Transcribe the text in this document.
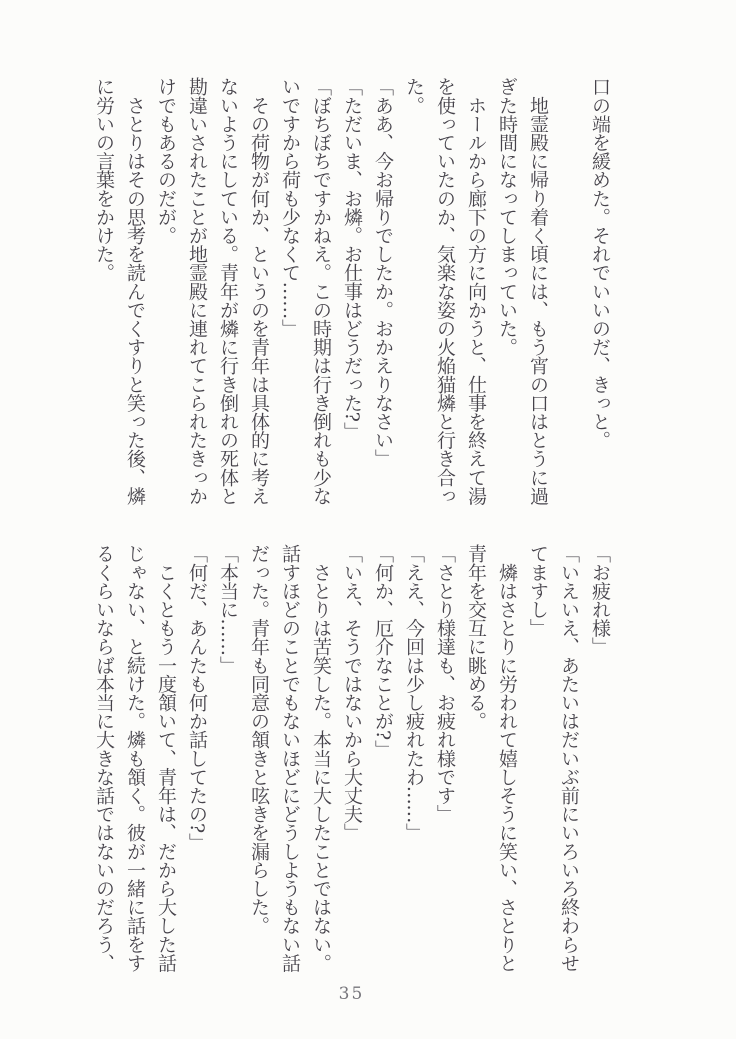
口の端を緩めた。それでいいのだ、きっと。
　地霊殿に帰り着く頃には、もう宵の口はとうに過
ぎた時間になってしまっていた。
　ホールから廊下の方に向かうと、仕事を終えて湯
を使っていたのか、気楽な姿の火焔猫燐と行き合っ
た。
「ああ、今お帰りでしたか。おかえりなさい」
「ただいま、お燐。お仕事はどうだった?」
「ぼちぼちですかねえ。この時期は行き倒れも少な
いですから荷も少なくて……」
　その荷物が何か、というのを青年は具体的に考え
ないようにしている。青年が燐に行き倒れの死体と
勘違いされたことが地霊殿に連れてこられたきっか
けでもあるのだが。
　さとりはその思考を読んでくすりと笑った後、燐
に労いの言葉をかけた。
「お疲れ様」
「いえいえ、あたいはだいぶ前にいろいろ終わらせ
てますし」
　燐はさとりに労われて嬉しそうに笑い、さとりと
青年を交互に眺める。
「さとり様達も、お疲れ様です」
「ええ、今回は少し疲れたわ……」
「何か、厄介なことが?」
「いえ、そうではないから大丈夫」
　さとりは苦笑した。本当に大したことではない。
話すほどのことでもないほどにどうしようもない話
だった。青年も同意の頷きと呟きを漏らした。
「本当に……」
「何だ、あんたも何か話してたの?」
　こくともう一度頷いて、青年は、だから大した話
じゃない、と続けた。燐も頷く。彼が一緒に話をす
るくらいならば本当に大きな話ではないのだろう、
35
